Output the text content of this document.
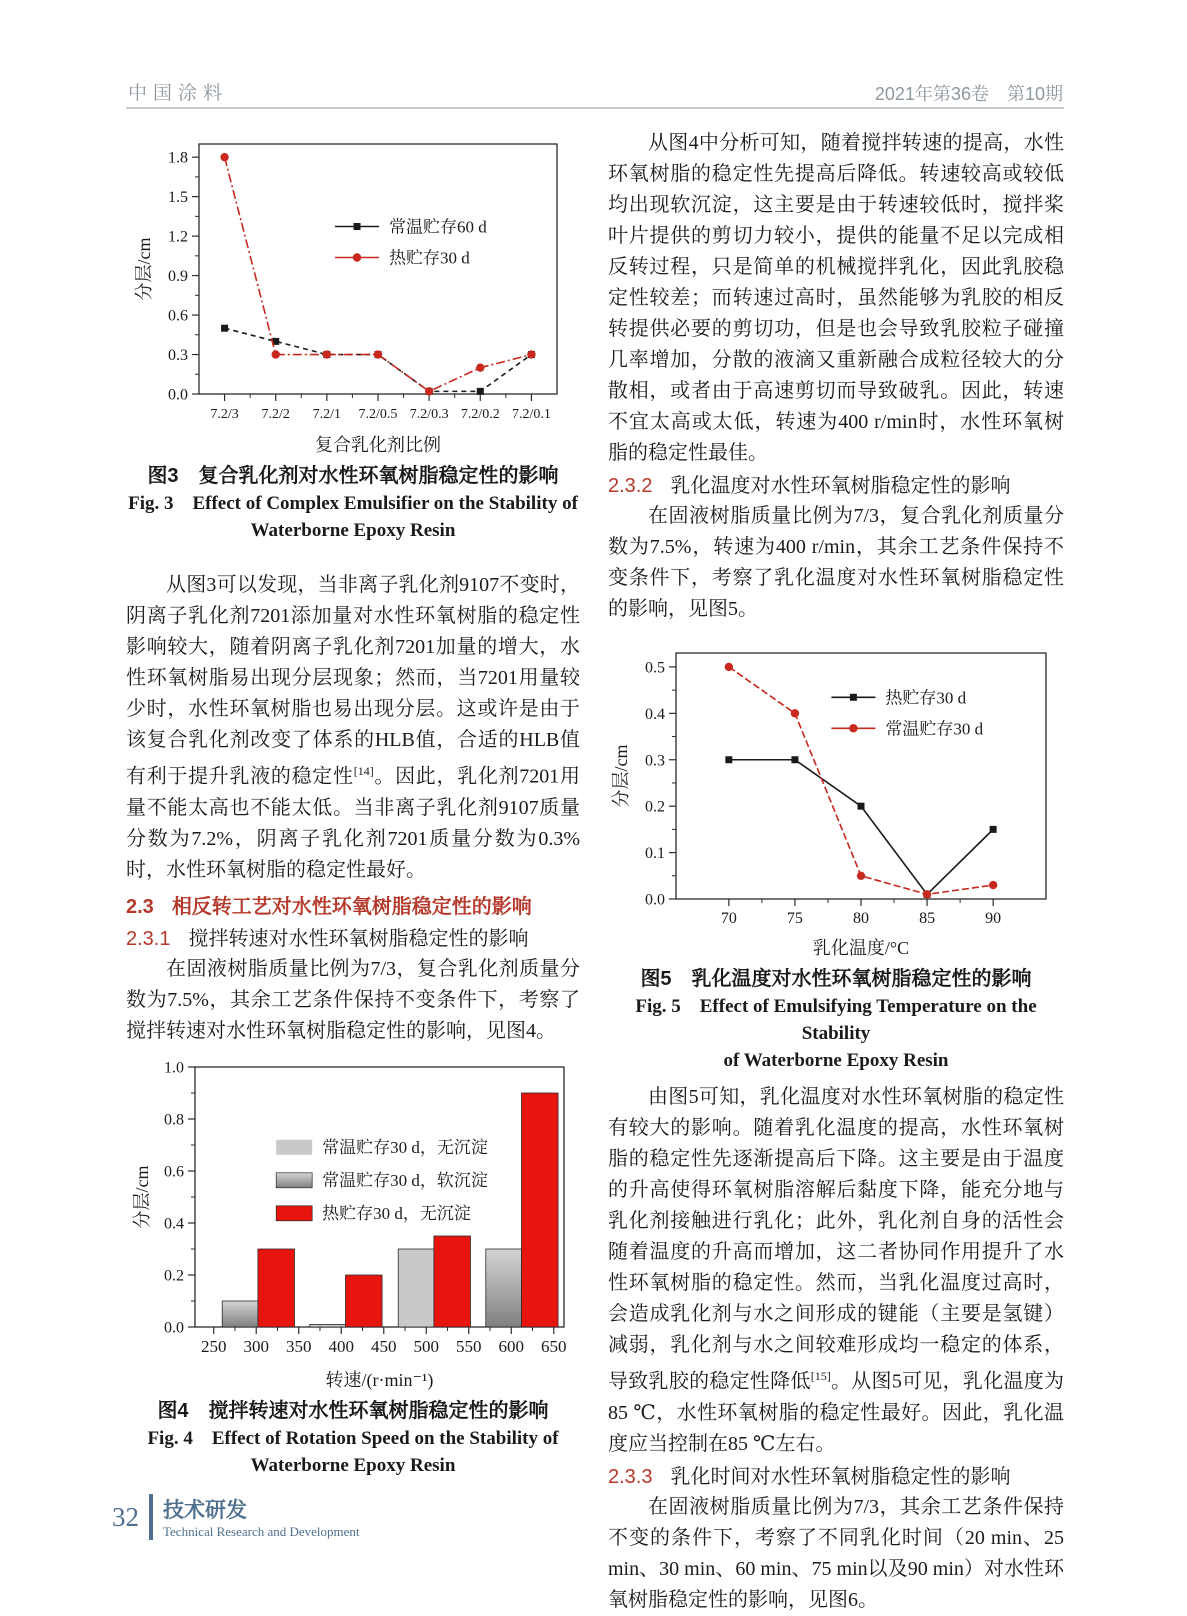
中国涂料	2021年第36卷　第10期
0.0
0.3
0.6
0.9
1.2
1.5
1.8
复合乳化剂比例
分层/cm
7.2/3 7.2/2 7.2/1 7.2/0.5 7.2/0.3 7.2/0.2 7.2/0.1
常温贮存60 d
热贮存30 d
图3　复合乳化剂对水性环氧树脂稳定性的影响
Fig. 3　Effect of Complex Emulsifier on the Stability of
Waterborne Epoxy Resin

从图3可以发现，当非离子乳化剂9107不变时，阴离子乳化剂7201添加量对水性环氧树脂的稳定性影响较大，随着阴离子乳化剂7201加量的增大，水性环氧树脂易出现分层现象；然而，当7201用量较少时，水性环氧树脂也易出现分层。这或许是由于该复合乳化剂改变了体系的HLB值，合适的HLB值有利于提升乳液的稳定性[14]。因此，乳化剂7201用量不能太高也不能太低。当非离子乳化剂9107质量分数为7.2%，阴离子乳化剂7201质量分数为0.3%时，水性环氧树脂的稳定性最好。

2.3 相反转工艺对水性环氧树脂稳定性的影响
2.3.1 搅拌转速对水性环氧树脂稳定性的影响

在固液树脂质量比例为7/3，复合乳化剂质量分数为7.5%，其余工艺条件保持不变条件下，考察了搅拌转速对水性环氧树脂稳定性的影响，见图4。

0.0
0.2
0.4
0.6
0.8
1.0
转速/(r·min⁻¹)
分层/cm
250 300 350 400 450 500 550 600 650
常温贮存30 d，无沉淀
常温贮存30 d，软沉淀
热贮存30 d，无沉淀
图4　搅拌转速对水性环氧树脂稳定性的影响
Fig. 4　Effect of Rotation Speed on the Stability of
Waterborne Epoxy Resin

从图4中分析可知，随着搅拌转速的提高，水性环氧树脂的稳定性先提高后降低。转速较高或较低均出现软沉淀，这主要是由于转速较低时，搅拌桨叶片提供的剪切力较小，提供的能量不足以完成相反转过程，只是简单的机械搅拌乳化，因此乳胶稳定性较差；而转速过高时，虽然能够为乳胶的相反转提供必要的剪切功，但是也会导致乳胶粒子碰撞几率增加，分散的液滴又重新融合成粒径较大的分散相，或者由于高速剪切而导致破乳。因此，转速不宜太高或太低，转速为400 r/min时，水性环氧树脂的稳定性最佳。

2.3.2 乳化温度对水性环氧树脂稳定性的影响

在固液树脂质量比例为7/3，复合乳化剂质量分数为7.5%，转速为400 r/min，其余工艺条件保持不变条件下，考察了乳化温度对水性环氧树脂稳定性的影响，见图5。

0.0
0.1
0.2
0.3
0.4
0.5
乳化温度/°C
分层/cm
70	75	80	85	90
热贮存30 d
常温贮存30 d
图5　乳化温度对水性环氧树脂稳定性的影响
Fig. 5　Effect of Emulsifying Temperature on the Stability
of Waterborne Epoxy Resin

由图5可知，乳化温度对水性环氧树脂的稳定性有较大的影响。随着乳化温度的提高，水性环氧树脂的稳定性先逐渐提高后下降。这主要是由于温度的升高使得环氧树脂溶解后黏度下降，能充分地与乳化剂接触进行乳化；此外，乳化剂自身的活性会随着温度的升高而增加，这二者协同作用提升了水性环氧树脂的稳定性。然而，当乳化温度过高时，会造成乳化剂与水之间形成的键能（主要是氢键）减弱，乳化剂与水之间较难形成均一稳定的体系，导致乳胶的稳定性降低[15]。从图5可见，乳化温度为85 ℃，水性环氧树脂的稳定性最好。因此，乳化温度应当控制在85 ℃左右。

2.3.3 乳化时间对水性环氧树脂稳定性的影响

在固液树脂质量比例为7/3，其余工艺条件保持不变的条件下，考察了不同乳化时间（20 min、25 min、30 min、60 min、75 min以及90 min）对水性环氧树脂稳定性的影响，见图6。

32 技术研发
Technical Research and Development
